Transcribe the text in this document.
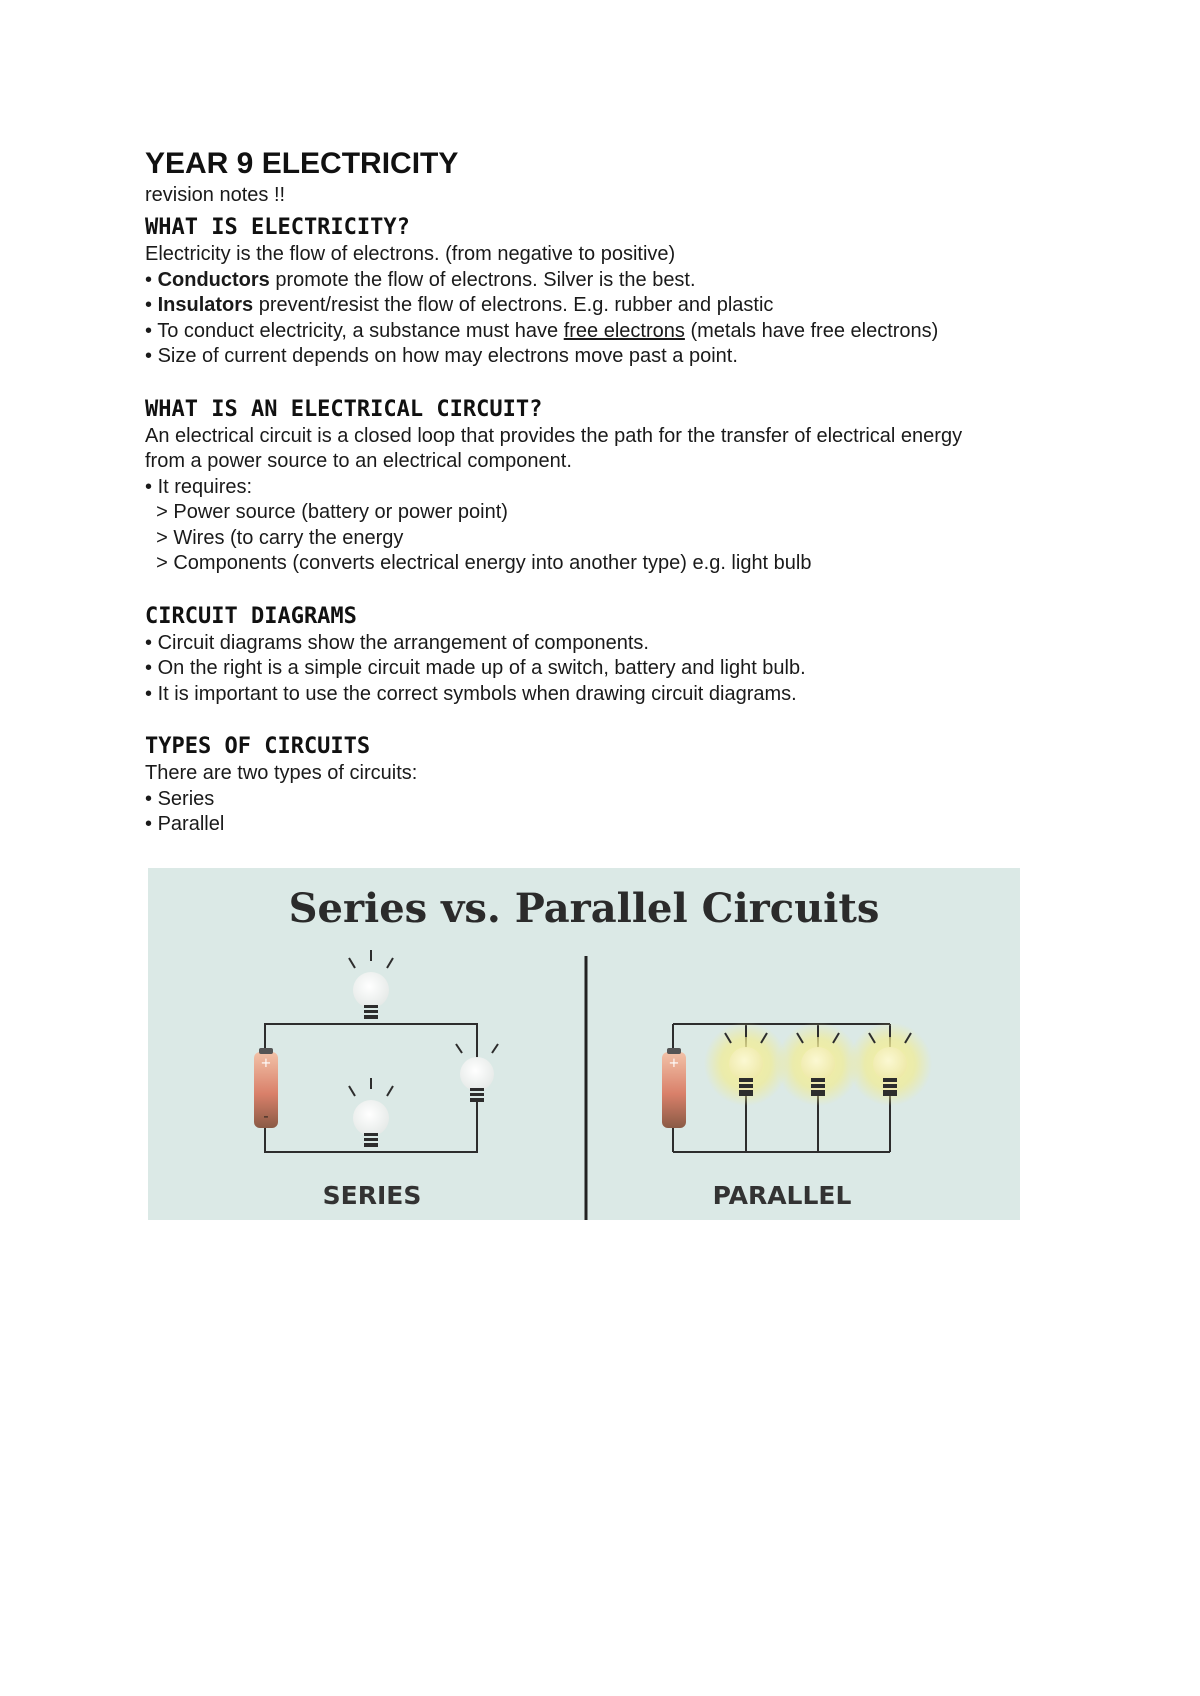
YEAR 9 ELECTRICITY

revision notes !!

WHAT IS ELECTRICITY?

Electricity is the flow of electrons. (from negative to positive)

• Conductors promote the flow of electrons. Silver is the best.

• Insulators prevent/resist the flow of electrons. E.g. rubber and plastic

• To conduct electricity, a substance must have free electrons (metals have free electrons)

• Size of current depends on how may electrons move past a point.

WHAT IS AN ELECTRICAL CIRCUIT?

An electrical circuit is a closed loop that provides the path for the transfer of electrical energy

from a power source to an electrical component.

• It requires:

> Power source (battery or power point)

> Wires (to carry the energy

> Components (converts electrical energy into another type) e.g. light bulb

CIRCUIT DIAGRAMS

• Circuit diagrams show the arrangement of components.

• On the right is a simple circuit made up of a switch, battery and light bulb.

• It is important to use the correct symbols when drawing circuit diagrams.

TYPES OF CIRCUITS

There are two types of circuits:

• Series

• Parallel

Series vs. Parallel Circuits
+
-
SERIES
+
PARALLEL
